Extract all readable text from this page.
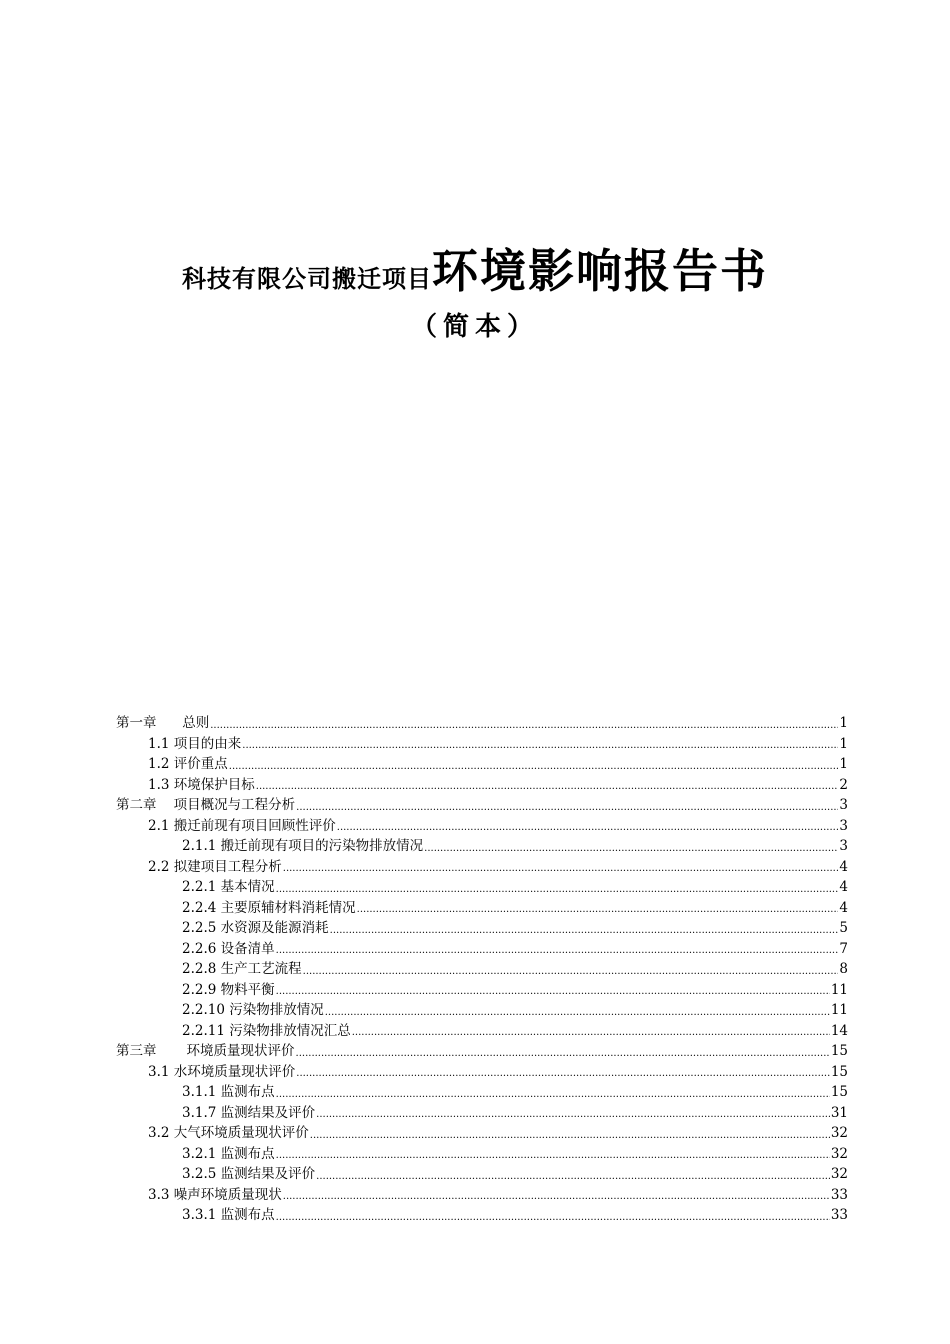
科技有限公司搬迁项目环境影响报告书
（简本）
第一章 总则 .....	1
1.1 项目的由来 .....	1
1.2 评价重点 .....	1
1.3 环境保护目标 .....	2
第二章 项目概况与工程分析 .....	3
2.1 搬迁前现有项目回顾性评价 .....	3
2.1.1 搬迁前现有项目的污染物排放情况 .....	3
2.2 拟建项目工程分析 .....	4
2.2.1 基本情况 .....	4
2.2.4 主要原辅材料消耗情况 .....	4
2.2.5 水资源及能源消耗 .....	5
2.2.6 设备清单 .....	7
2.2.8 生产工艺流程 .....	8
2.2.9 物料平衡 .....	11
2.2.10 污染物排放情况 .....	11
2.2.11 污染物排放情况汇总 .....	14
第三章 环境质量现状评价 .....	15
3.1 水环境质量现状评价 .....	15
3.1.1 监测布点 .....	15
3.1.7 监测结果及评价 .....	31
3.2 大气环境质量现状评价 .....	32
3.2.1 监测布点 .....	32
3.2.5 监测结果及评价 .....	32
3.3 噪声环境质量现状 .....	33
3.3.1 监测布点 .....	33
